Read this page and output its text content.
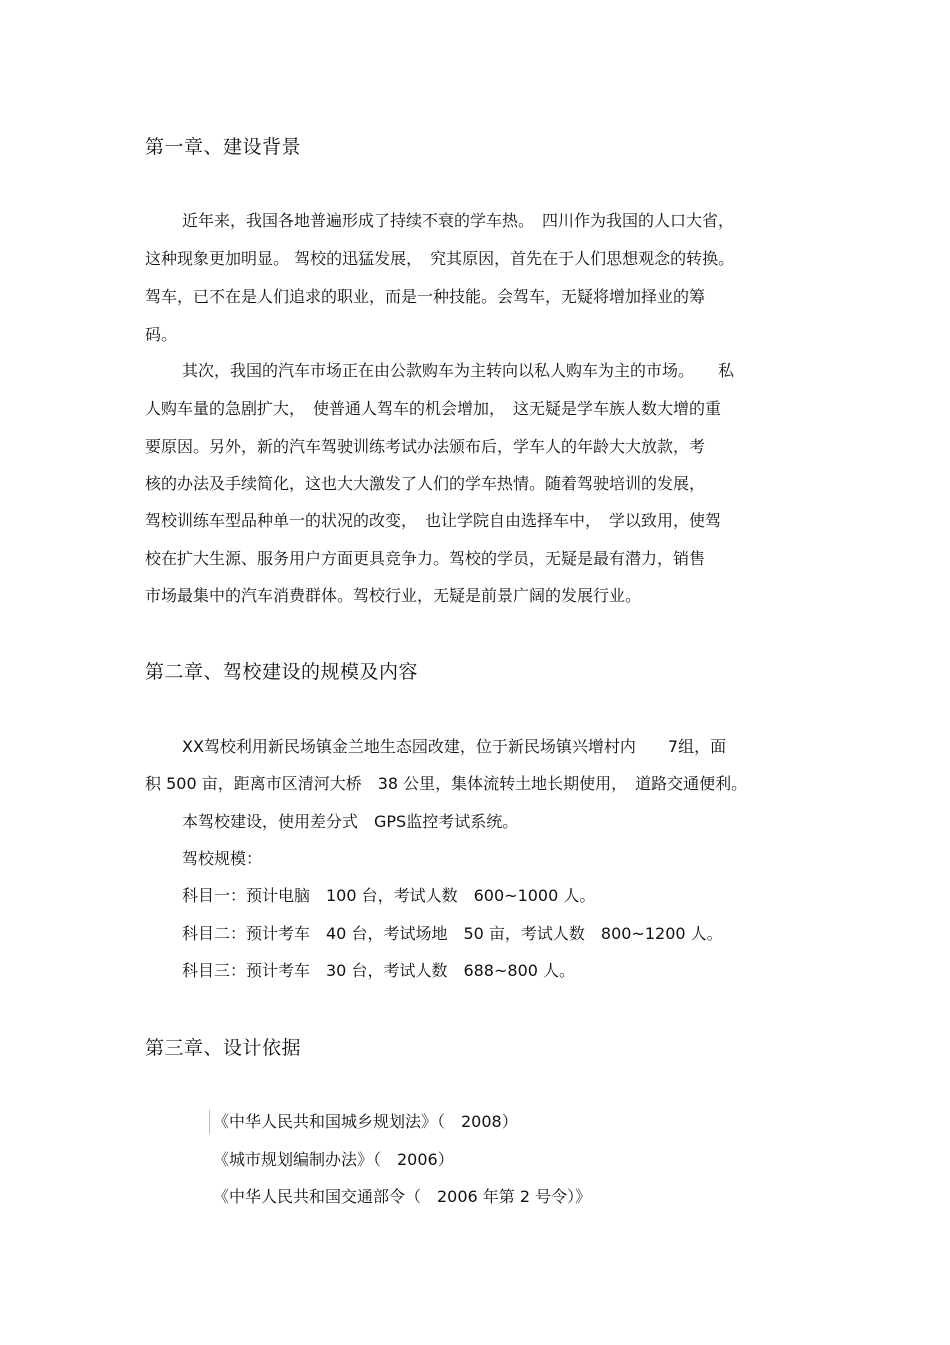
第一章、建设背景
近年来，我国各地普遍形成了持续不衰的学车热。　四川作为我国的人口大省，
这种现象更加明显。 驾校的迅猛发展，　究其原因，首先在于人们思想观念的转换。
驾车，已不在是人们追求的职业，而是一种技能。会驾车，无疑将增加择业的筹
码。
其次，我国的汽车市场正在由公款购车为主转向以私人购车为主的市场。　　私
人购车量的急剧扩大，　使普通人驾车的机会增加，　这无疑是学车族人数大增的重
要原因。另外，新的汽车驾驶训练考试办法颁布后，学车人的年龄大大放款，考
核的办法及手续简化，这也大大激发了人们的学车热情。随着驾驶培训的发展，
驾校训练车型品种单一的状况的改变，　也让学院自由选择车中，　学以致用，使驾
校在扩大生源、服务用户方面更具竞争力。驾校的学员，无疑是最有潜力，销售
市场最集中的汽车消费群体。驾校行业，无疑是前景广阔的发展行业。
第二章、驾校建设的规模及内容
XX驾校利用新民场镇金兰地生态园改建，位于新民场镇兴增村内　　7组，面
积 500 亩，距离市区清河大桥　38 公里，集体流转土地长期使用，　道路交通便利。
本驾校建设，使用差分式　GPS监控考试系统。
驾校规模：
科目一：预计电脑　100 台，考试人数　600~1000 人。
科目二：预计考车　40 台，考试场地　50 亩，考试人数　800~1200 人。
科目三：预计考车　30 台，考试人数　688~800 人。
第三章、设计依据
《中华人民共和国城乡规划法》（　2008）
《城市规划编制办法》（　2006）
《中华人民共和国交通部令（　2006 年第 2 号令）》
